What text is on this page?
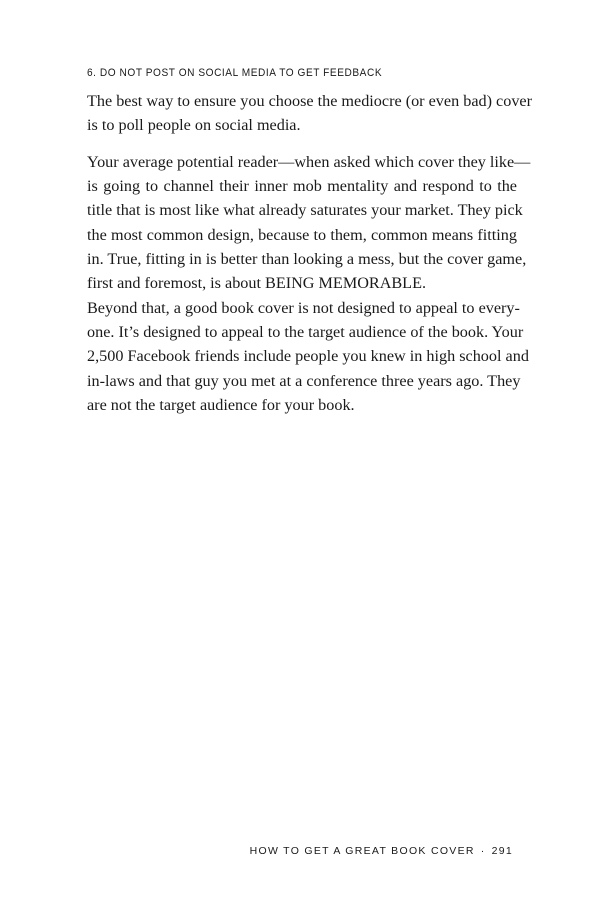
6. DO NOT POST ON SOCIAL MEDIA TO GET FEEDBACK
The best way to ensure you choose the mediocre (or even bad) cover
is to poll people on social media.
Your average potential reader—when asked which cover they like—
is going to channel their inner mob mentality and respond to the
title that is most like what already saturates your market. They pick
the most common design, because to them, common means fitting
in. True, fitting in is better than looking a mess, but the cover game,
first and foremost, is about BEING MEMORABLE.
Beyond that, a good book cover is not designed to appeal to every-
one. It’s designed to appeal to the target audience of the book. Your
2,500 Facebook friends include people you knew in high school and
in-laws and that guy you met at a conference three years ago. They
are not the target audience for your book.
HOW TO GET A GREAT BOOK COVER · 291
